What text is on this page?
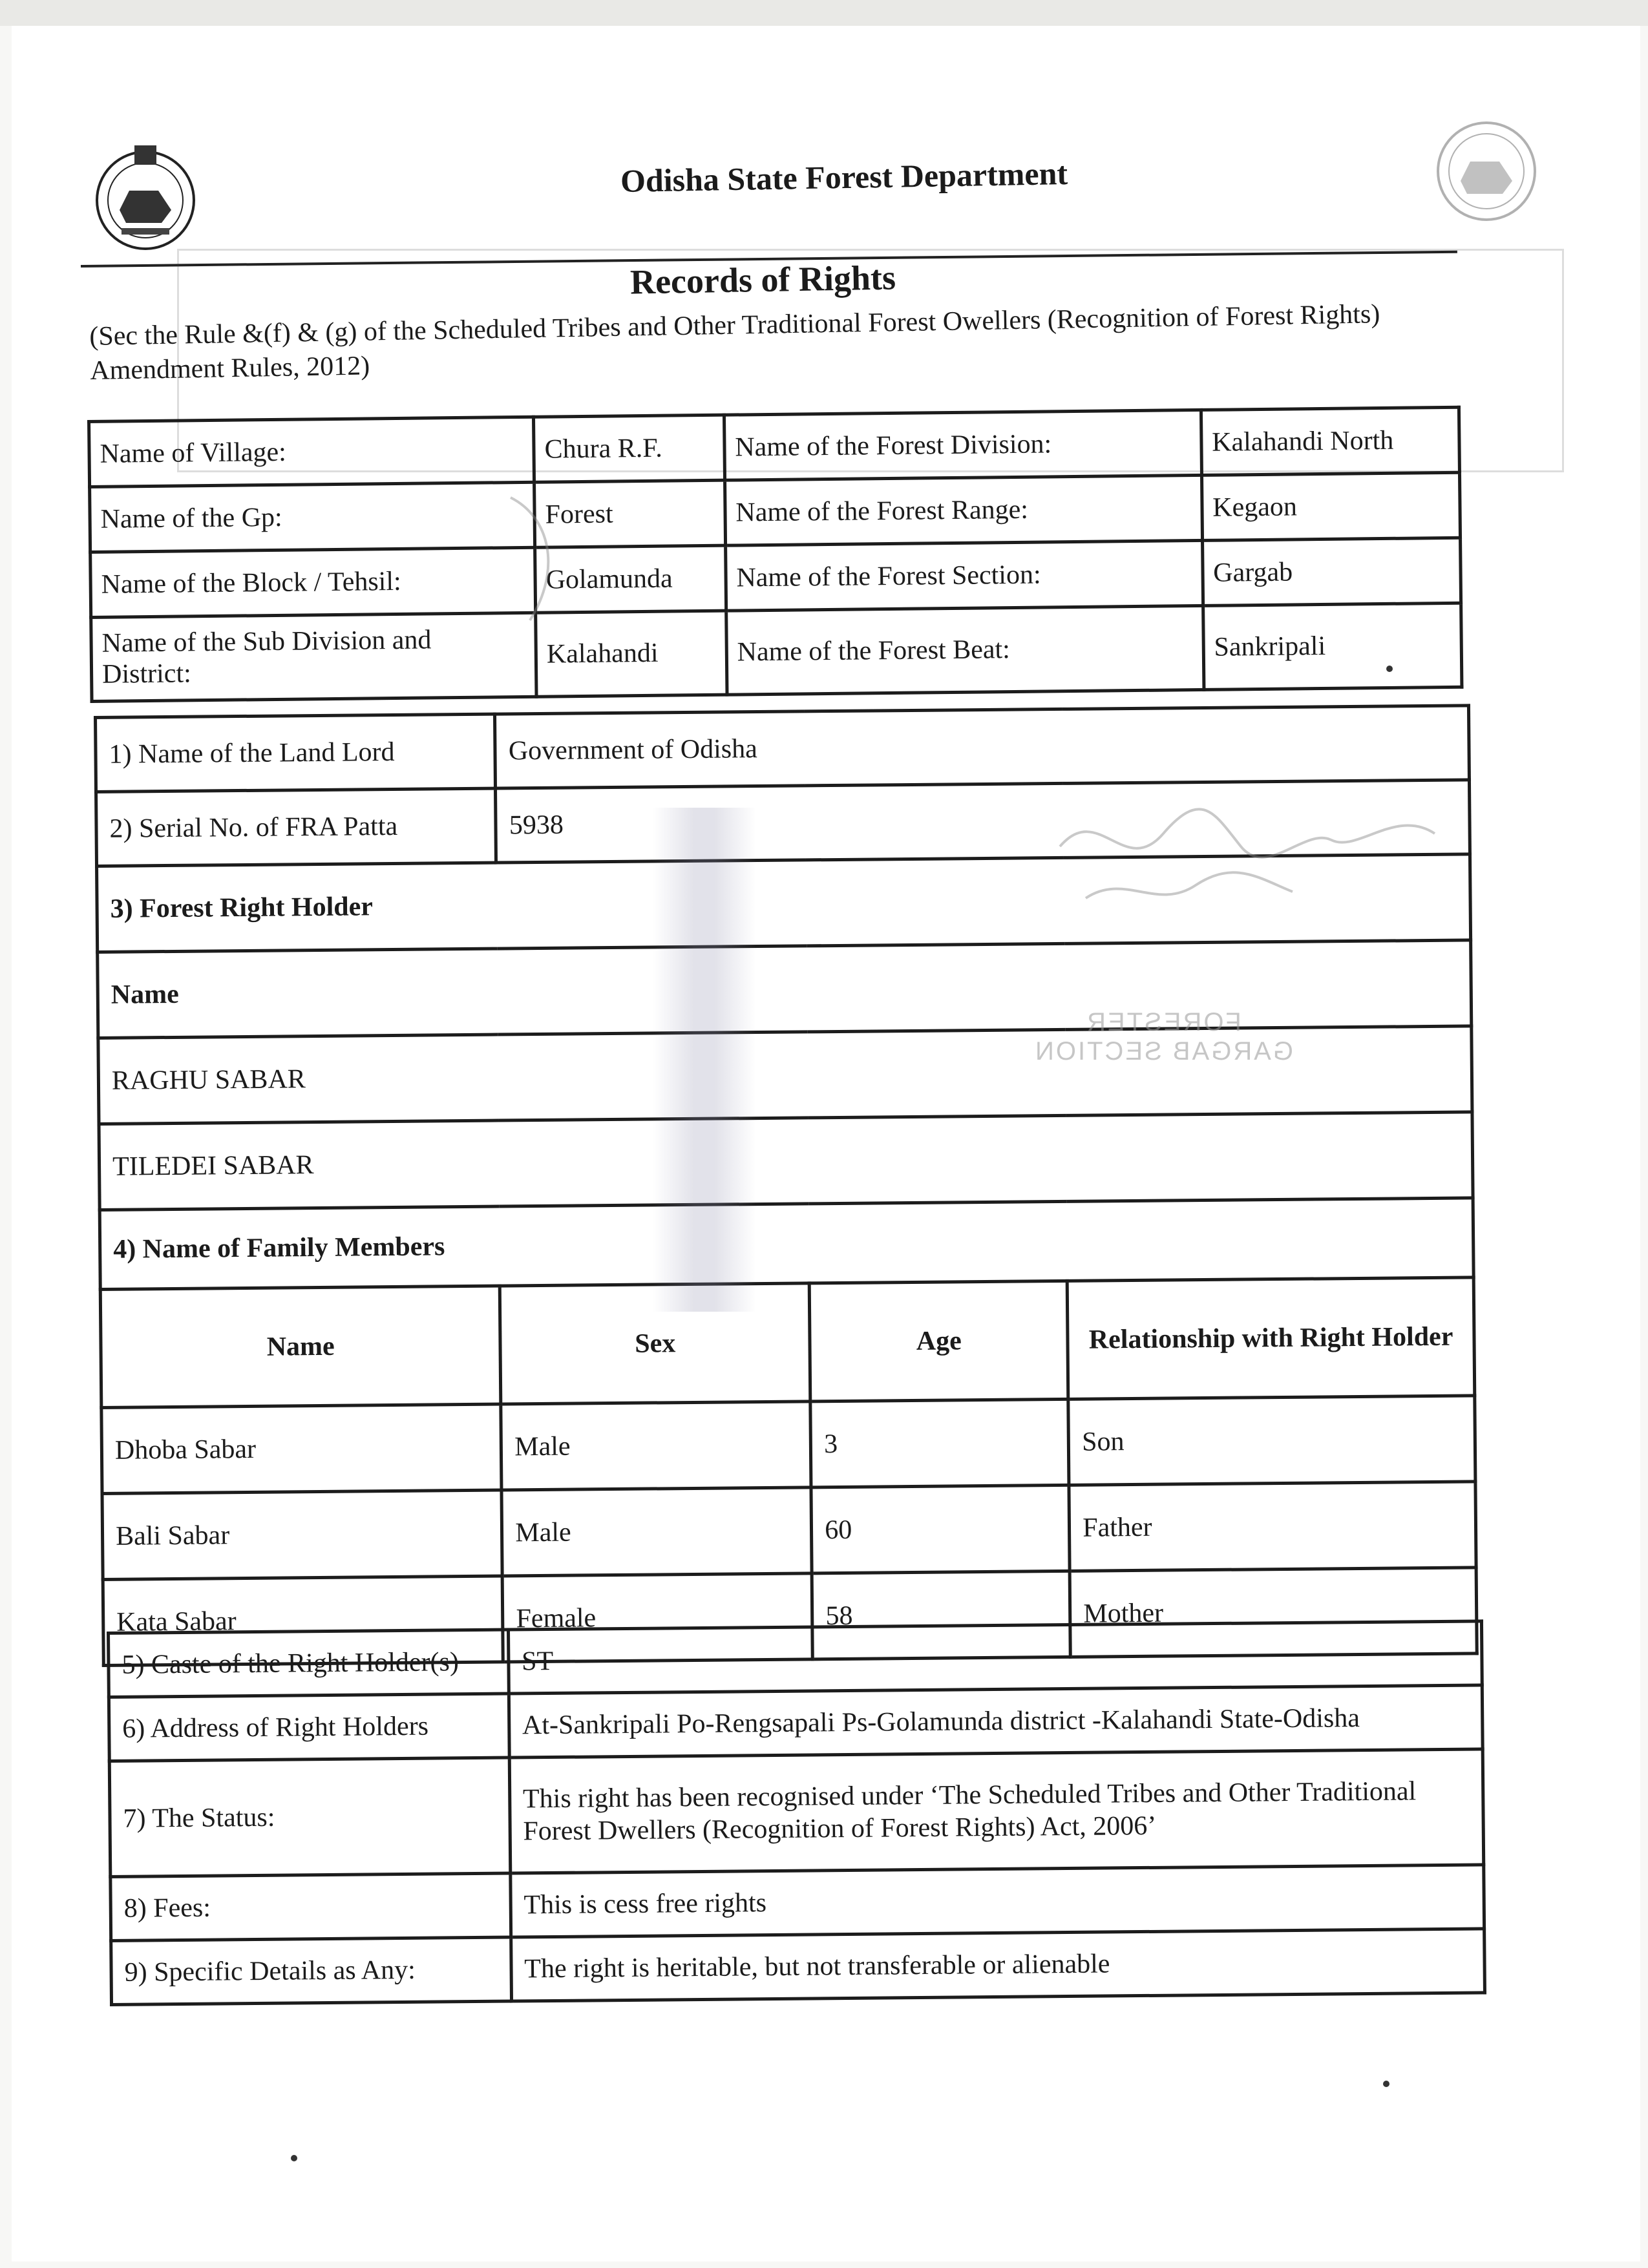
Odisha State Forest Department
Records of Rights
(Sec the Rule &(f) & (g) of the Scheduled Tribes and Other Traditional Forest Owellers (Recognition of Forest Rights) Amendment Rules, 2012)
Name of Village:	Chura R.F.	Name of the Forest Division:	Kalahandi North
Name of the Gp:	Forest	Name of the Forest Range:	Kegaon
Name of the Block / Tehsil:	Golamunda	Name of the Forest Section:	Gargab
Name of the Sub Division and District:	Kalahandi	Name of the Forest Beat:	Sankripali
1) Name of the Land Lord	Government of Odisha		
2) Serial No. of FRA Patta	5938		
3) Forest Right Holder			
Name			
RAGHU SABAR			
TILEDEI SABAR			
4) Name of Family Members			
Name	Sex	Age	Relationship with Right Holder
Dhoba Sabar	Male	3	Son
Bali Sabar	Male	60	Father
Kata Sabar	Female	58	Mother
5) Caste of the Right Holder(s)	ST
6) Address of Right Holders	At-Sankripali Po-Rengsapali Ps-Golamunda district -Kalahandi State-Odisha
7) The Status:	This right has been recognised under ‘The Scheduled Tribes and Other Traditional
Forest Dwellers (Recognition of Forest Rights) Act, 2006’

8) Fees:	This is cess free rights
9) Specific Details as Any:	The right is heritable, but not transferable or alienable
FORESTER
GARGAB SECTION
